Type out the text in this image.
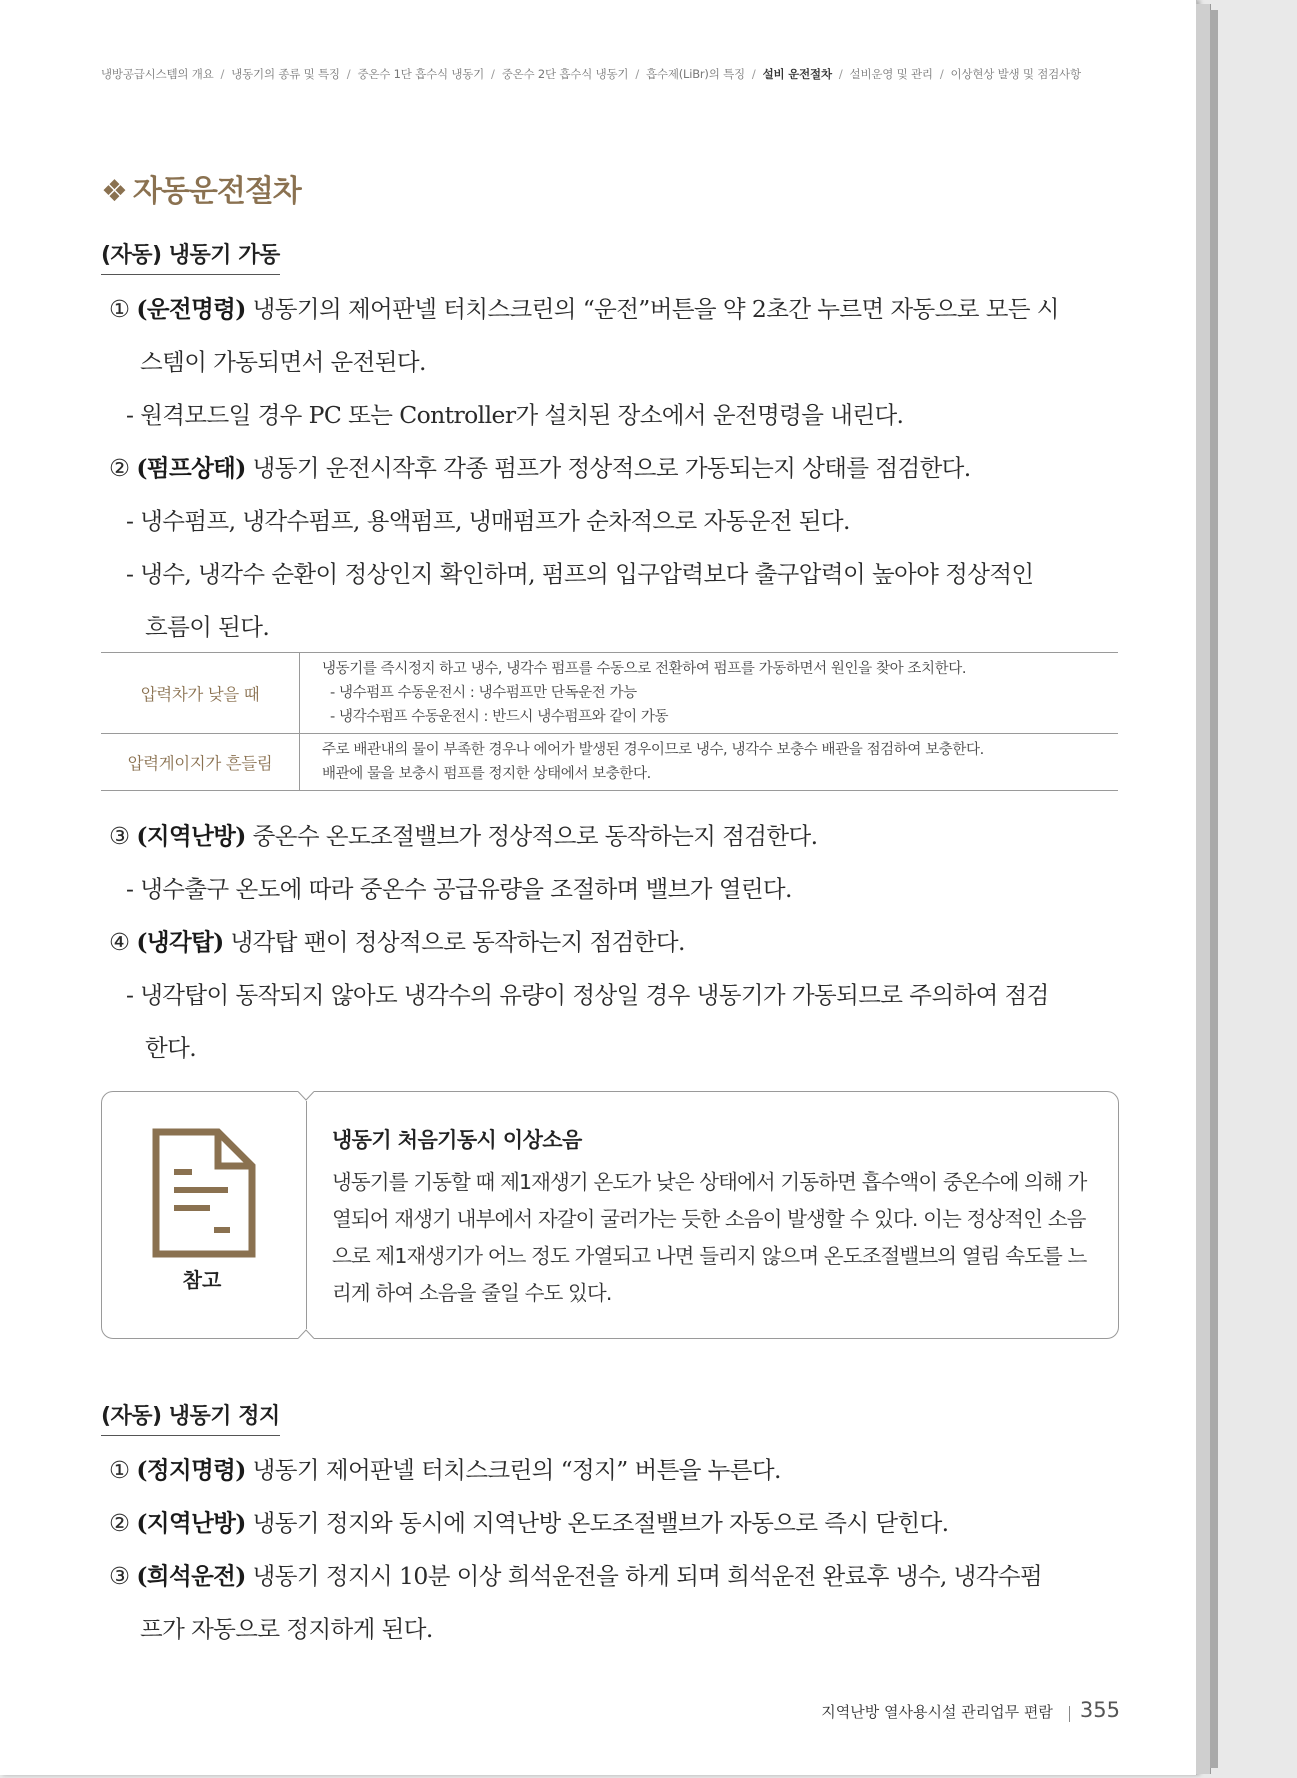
냉방공급시스템의 개요 / 냉동기의 종류 및 특징 / 중온수 1단 흡수식 냉동기 / 중온수 2단 흡수식 냉동기 / 흡수제(LiBr)의 특징 / 설비 운전절차 / 설비운영 및 관리 / 이상현상 발생 및 점검사항
❖ 자동운전절차
(자동) 냉동기 가동
① (운전명령) 냉동기의 제어판넬 터치스크린의 “운전”버튼을 약 2초간 누르면 자동으로 모든 시
스템이 가동되면서 운전된다.
- 원격모드일 경우 PC 또는 Controller가 설치된 장소에서 운전명령을 내린다.
② (펌프상태) 냉동기 운전시작후 각종 펌프가 정상적으로 가동되는지 상태를 점검한다.
- 냉수펌프, 냉각수펌프, 용액펌프, 냉매펌프가 순차적으로 자동운전 된다.
- 냉수, 냉각수 순환이 정상인지 확인하며, 펌프의 입구압력보다 출구압력이 높아야 정상적인
흐름이 된다.
압력차가 낮을 때	냉동기를 즉시정지 하고 냉수, 냉각수 펌프를 수동으로 전환하여 펌프를 가동하면서 원인을 찾아 조치한다.
- 냉수펌프 수동운전시 : 냉수펌프만 단독운전 가능
- 냉각수펌프 수동운전시 : 반드시 냉수펌프와 같이 가동

압력게이지가 흔들림	주로 배관내의 물이 부족한 경우나 에어가 발생된 경우이므로 냉수, 냉각수 보충수 배관을 점검하여 보충한다.
배관에 물을 보충시 펌프를 정지한 상태에서 보충한다.
③ (지역난방) 중온수 온도조절밸브가 정상적으로 동작하는지 점검한다.
- 냉수출구 온도에 따라 중온수 공급유량을 조절하며 밸브가 열린다.
④ (냉각탑) 냉각탑 팬이 정상적으로 동작하는지 점검한다.
- 냉각탑이 동작되지 않아도 냉각수의 유량이 정상일 경우 냉동기가 가동되므로 주의하여 점검
한다.
참고
냉동기 처음기동시 이상소음
냉동기를 기동할 때 제1재생기 온도가 낮은 상태에서 기동하면 흡수액이 중온수에 의해 가열되어 재생기 내부에서 자갈이 굴러가는 듯한 소음이 발생할 수 있다. 이는 정상적인 소음으로 제1재생기가 어느 정도 가열되고 나면 들리지 않으며 온도조절밸브의 열림 속도를 느리게 하여 소음을 줄일 수도 있다.
(자동) 냉동기 정지
① (정지명령) 냉동기 제어판넬 터치스크린의 “정지” 버튼을 누른다.
② (지역난방) 냉동기 정지와 동시에 지역난방 온도조절밸브가 자동으로 즉시 닫힌다.
③ (희석운전) 냉동기 정지시 10분 이상 희석운전을 하게 되며 희석운전 완료후 냉수, 냉각수펌
프가 자동으로 정지하게 된다.
지역난방 열사용시설 관리업무 편람 355
